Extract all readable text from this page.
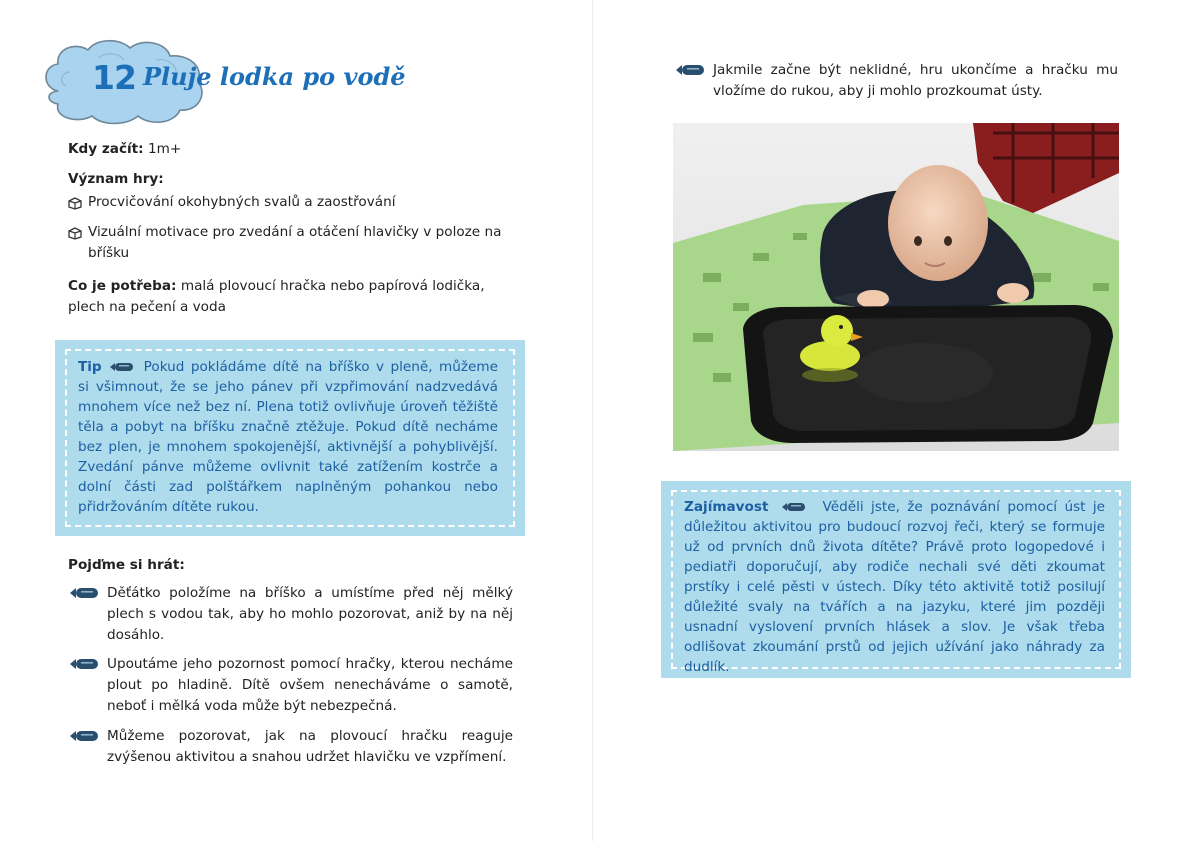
12 Pluje lodka po vodě
Kdy začít: 1m+
Význam hry:
Procvičování okohybných svalů a zaostřování
Vizuální motivace pro zvedání a otáčení hlavičky v poloze na
bříšku
Co je potřeba: malá plovoucí hračka nebo papírová lodička,
plech na pečení a voda
Tip	Pokud pokládáme dítě na bříško v pleně, můžeme si všimnout, že se jeho pánev při vzpřimování nadzvedává mnohem více než bez ní. Plena totiž ovlivňuje úroveň těžiště těla a pobyt na bříšku značně ztěžuje. Pokud dítě necháme bez plen, je mnohem spokojenější, aktivnější a pohyblivější. Zvedání pánve můžeme ovlivnit také zatížením kostrče a dolní části zad polštářkem naplněným pohankou nebo přidržováním dítěte rukou.
Pojďme si hrát:
Děťátko položíme na bříško a umístíme před něj mělký plech s vodou tak, aby ho mohlo pozorovat, aniž by na něj dosáhlo.
Upoutáme jeho pozornost pomocí hračky, kterou necháme plout po hladině. Dítě ovšem nenecháváme o samotě, neboť i mělká voda může být nebezpečná.
Můžeme pozorovat, jak na plovoucí hračku reaguje zvýšenou aktivitou a snahou udržet hlavičku ve vzpřímení.
Jakmile začne být neklidné, hru ukončíme a hračku mu vložíme do rukou, aby ji mohlo prozkoumat ústy.
Zajímavost	Věděli jste, že poznávání pomocí úst je důležitou aktivitou pro budoucí rozvoj řeči, který se formuje už od prvních dnů života dítěte? Právě proto logopedové i pediatři doporučují, aby rodiče nechali své děti zkoumat prstíky i celé pěsti v ústech. Díky této aktivitě totiž posilují důležité svaly na tvářích a na jazyku, které jim později usnadní vyslovení prvních hlásek a slov. Je však třeba odlišovat zkoumání prstů od jejich užívání jako náhrady za dudlík.
